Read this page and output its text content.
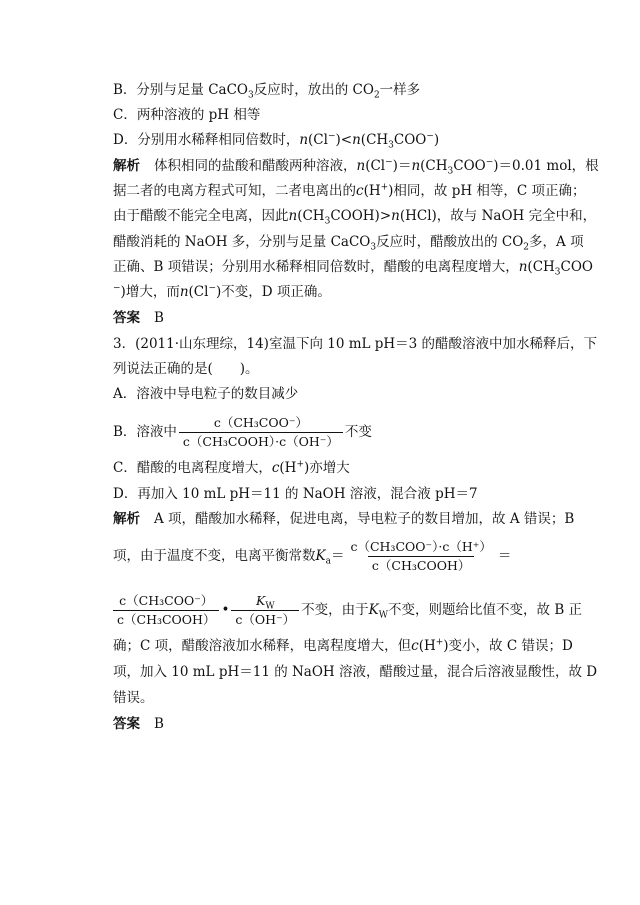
B．分别与足量 CaCO$_3$反应时，放出的 $CO_2$一样多
C．两种溶液的 pH 相等
D．分别用水稀释相同倍数时，$n(Cl^-)<n(CH_3COO^-)$
解析 体积相同的盐酸和醋酸两种溶液，$n(Cl^-)=n(CH_3COO^-)=0.01$ mol，根
据二者的电离方程式可知，二者电离出的c(H+)相同，故 pH 相等，C 项正确；
由于醋酸不能完全电离，因此$n(CH_3COOH)>n(HCl)$，故与 NaOH 完全中和，
醋酸消耗的 NaOH 多，分别与足量 CaCO$_3$反应时，醋酸放出的 $CO_2$多，A 项
正确、B 项错误；分别用水稀释相同倍数时，醋酸的电离程度增大，$n(CH_3COO$
−)增大，而n(Cl−)不变，D 项正确。
答案 B
3．(2011·山东理综，14)室温下向 10 mL pH＝3 的醋酸溶液中加水稀释后，下
列说法正确的是(　　)。
A．溶液中导电粒子的数目减少
B．溶液中 $\frac{\text{c（CH₃COO⁻）}}{\text{c（CH₃COOH）·c（OH⁻）}}$ 不变
C．醋酸的电离程度增大，c(H+)亦增大
D．再加入 10 mL pH＝11 的 NaOH 溶液，混合液 pH＝7
解析 A 项，醋酸加水稀释，促进电离，导电粒子的数目增加，故 A 错误；B
项，由于温度不变，电离平衡常数$K_a= \frac{\text{c（CH₃COO⁻）·c（H⁺）}}{\text{c（CH₃COOH）}}$ ＝
$\frac{\text{c（CH₃COO⁻）}}{\text{c（CH₃COOH）}}$ • $\frac{K_W}{c(OH^-)}$ 不变，由于$K_W$不变，则题给比值不变，故 B 正
确；C 项，醋酸溶液加水稀释，电离程度增大，但c(H+)变小，故 C 错误；D
项，加入 10 mL pH＝11 的 NaOH 溶液，醋酸过量，混合后溶液显酸性，故 D
错误。
答案 B
